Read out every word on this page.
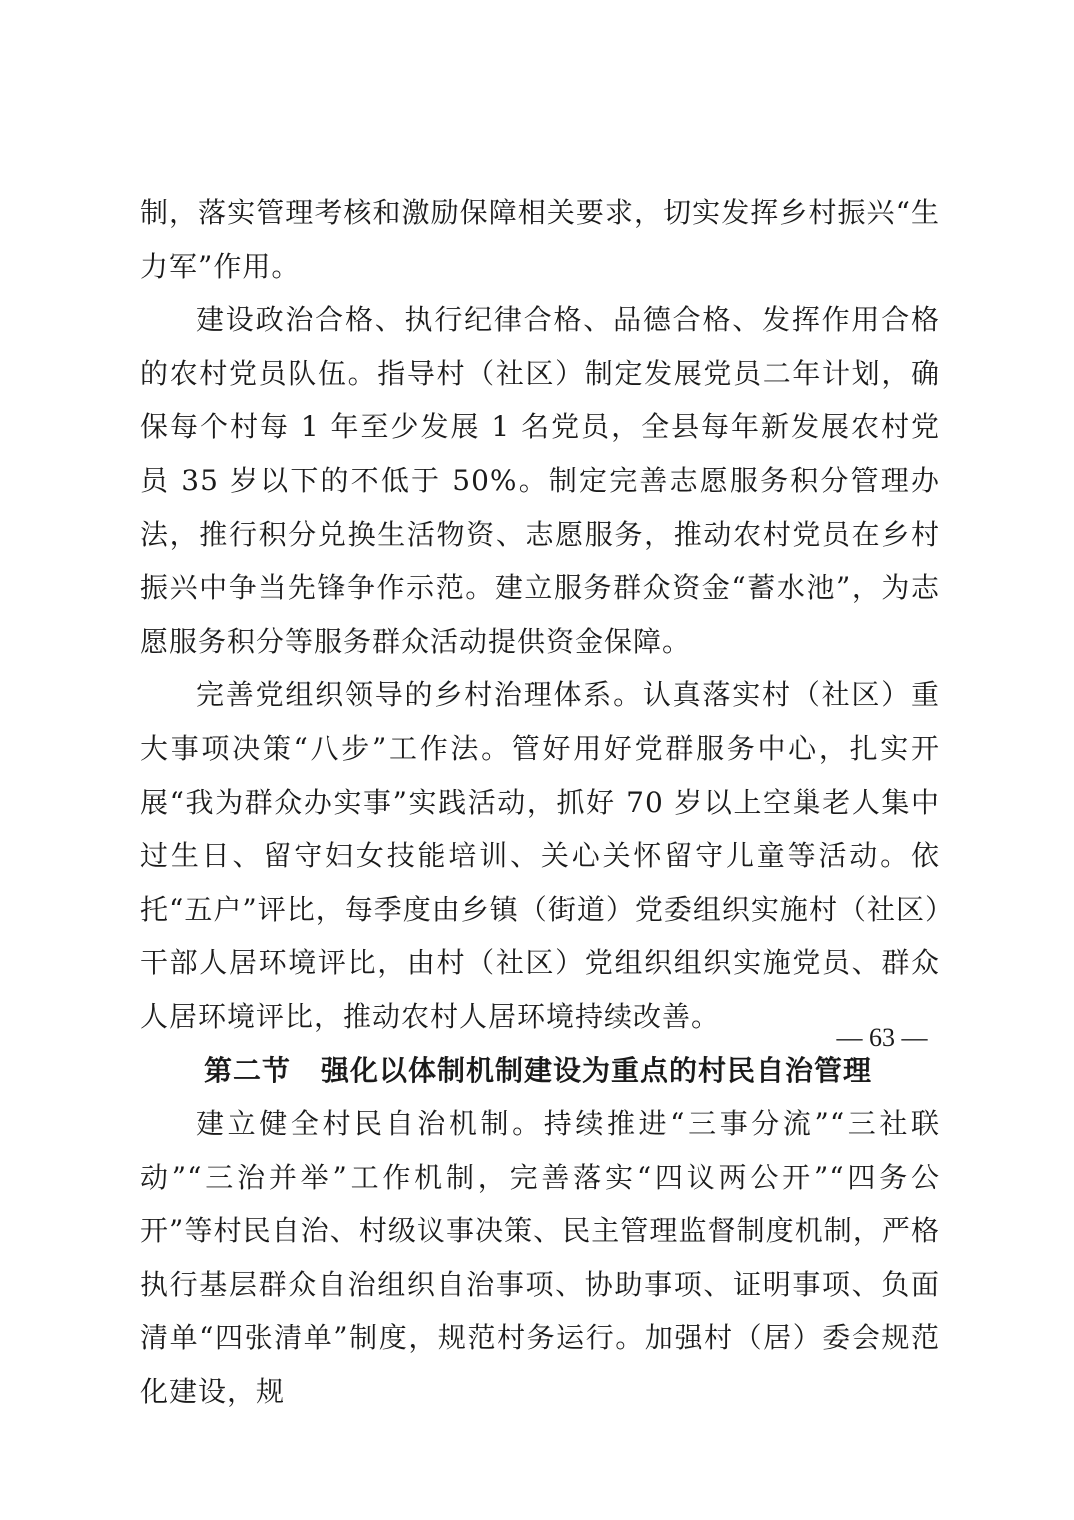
制，落实管理考核和激励保障相关要求，切实发挥乡村振兴“生力军”作用。

建设政治合格、执行纪律合格、品德合格、发挥作用合格的农村党员队伍。指导村（社区）制定发展党员二年计划，确保每个村每 1 年至少发展 1 名党员，全县每年新发展农村党员 35 岁以下的不低于 50%。制定完善志愿服务积分管理办法，推行积分兑换生活物资、志愿服务，推动农村党员在乡村振兴中争当先锋争作示范。建立服务群众资金“蓄水池”，为志愿服务积分等服务群众活动提供资金保障。

完善党组织领导的乡村治理体系。认真落实村（社区）重大事项决策“八步”工作法。管好用好党群服务中心，扎实开展“我为群众办实事”实践活动，抓好 70 岁以上空巢老人集中过生日、留守妇女技能培训、关心关怀留守儿童等活动。依托“五户”评比，每季度由乡镇（街道）党委组织实施村（社区）干部人居环境评比，由村（社区）党组织组织实施党员、群众人居环境评比，推动农村人居环境持续改善。

第二节 强化以体制机制建设为重点的村民自治管理

建立健全村民自治机制。持续推进“三事分流”“三社联动”“三治并举”工作机制，完善落实“四议两公开”“四务公开”等村民自治、村级议事决策、民主管理监督制度机制，严格执行基层群众自治组织自治事项、协助事项、证明事项、负面清单“四张清单”制度，规范村务运行。加强村（居）委会规范化建设，规

— 63 —
